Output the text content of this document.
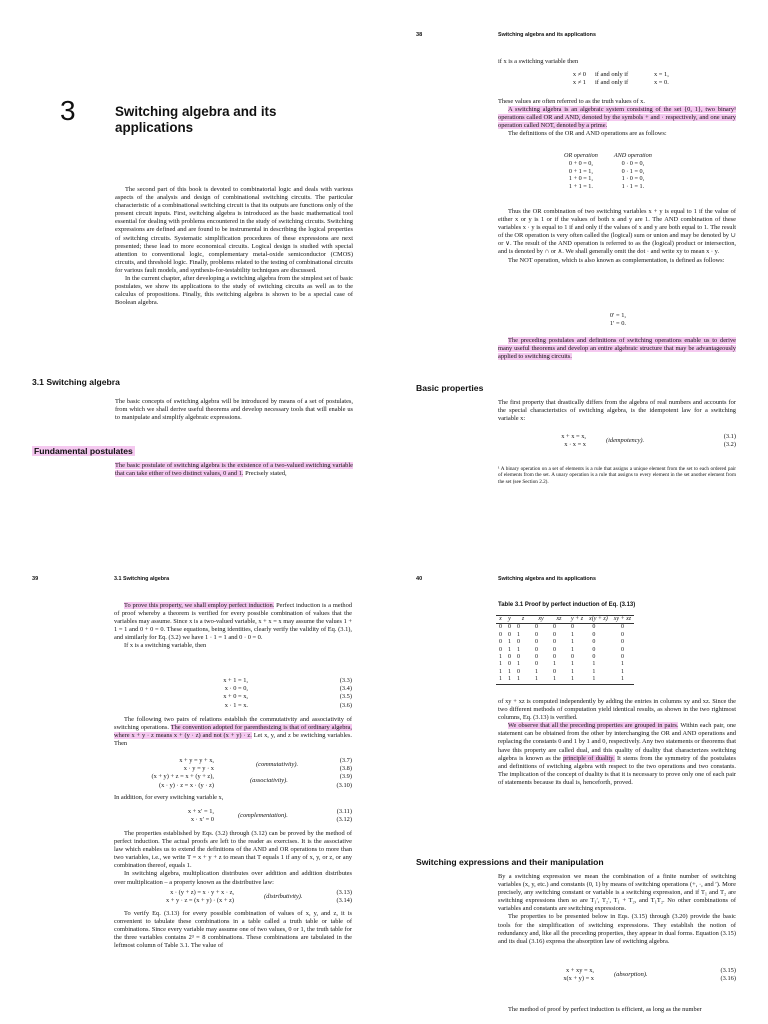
3	Switching algebra and its
applications

The second part of this book is devoted to combinatorial logic and deals with various aspects of the analysis and design of combinational switching circuits. The particular characteristic of a combinational switching circuit is that its outputs are functions only of the present circuit inputs. First, switching algebra is introduced as the basic mathematical tool essential for dealing with problems encountered in the study of switching circuits. Switching expressions are defined and are found to be instrumental in describing the logical properties of switching circuits. Systematic simplification procedures of these expressions are next presented; these lead to more economical circuits. Logical design is studied with special attention to conventional logic, complementary metal-oxide semiconductor (CMOS) circuits, and threshold logic. Finally, problems related to the testing of combinational circuits for various fault models, and synthesis-for-testability techniques are discussed.

In the current chapter, after developing a switching algebra from the simplest set of basic postulates, we show its applications to the study of switching circuits as well as to the calculus of propositions. Finally, this switching algebra is shown to be a special case of Boolean algebra.

3.1 Switching algebra

The basic concepts of switching algebra will be introduced by means of a set of postulates, from which we shall derive useful theorems and develop necessary tools that will enable us to manipulate and simplify algebraic expressions.

Fundamental postulates

The basic postulate of switching algebra is the existence of a two-valued switching variable that can take either of two distinct values, 0 and 1. Precisely stated,

38	Switching algebra and its applications

if x is a switching variable then

x ≠ 0 if and only if	x = 1,
x ≠ 1 if and only if	x = 0.

These values are often referred to as the truth values of x.

A switching algebra is an algebraic system consisting of the set {0, 1}, two binary¹ operations called OR and AND, denoted by the symbols + and · respectively, and one unary operation called NOT, denoted by a prime.

The definitions of the OR and AND operations are as follows:

OR operation	AND operation
0 + 0 = 0,	0 · 0 = 0,
0 + 1 = 1,	0 · 1 = 0,
1 + 0 = 1,	1 · 0 = 0,
1 + 1 = 1.	1 · 1 = 1.

Thus the OR combination of two switching variables x + y is equal to 1 if the value of either x or y is 1 or if the values of both x and y are 1. The AND combination of these variables x · y is equal to 1 if and only if the values of x and y are both equal to 1. The result of the OR operation is very often called the (logical) sum or union and may be denoted by ∪ or ∨. The result of the AND operation is referred to as the (logical) product or intersection, and is denoted by ∩ or ∧. We shall generally omit the dot · and write xy to mean x · y.

The NOT operation, which is also known as complementation, is defined as follows:

0′ = 1,
1′ = 0.

The preceding postulates and definitions of switching operations enable us to derive many useful theorems and develop an entire algebraic structure that may be advantageously applied to switching circuits.

Basic properties

The first property that drastically differs from the algebra of real numbers and accounts for the special characteristics of switching algebra, is the idempotent law for a switching variable x:

x + x = x,	(3.1)
x · x = x	(3.2)
(idempotency).
¹ A binary operation on a set of elements is a rule that assigns a unique element from the set to each ordered pair of elements from the set. A unary operation is a rule that assigns to every element in the set another element from the set (see Section 2.2).
39	3.1 Switching algebra

To prove this property, we shall employ perfect induction. Perfect induction is a method of proof whereby a theorem is verified for every possible combination of values that the variables may assume. Since x is a two-valued variable, x + x = x may assume the values 1 + 1 = 1 and 0 + 0 = 0. These equations, being identities, clearly verify the validity of Eq. (3.1), and similarly for Eq. (3.2) we have 1 · 1 = 1 and 0 · 0 = 0.

If x is a switching variable, then

x + 1 = 1,	(3.3)
x · 0 = 0,	(3.4)
x + 0 = x,	(3.5)
x · 1 = x.	(3.6)

The following two pairs of relations establish the commutativity and associativity of switching operations. The convention adopted for parenthesizing is that of ordinary algebra, where x + y · z means x + (y · z) and not (x + y) · z. Let x, y, and z be switching variables. Then

x + y = y + x,	(3.7)
x · y = y · x	(3.8)
(x + y) + z = x + (y + z),	(3.9)
(x · y) · z = x · (y · z)	(3.10)
(commutativity).
(associativity).

In addition, for every switching variable x,

x + x′ = 1,	(3.11)
x · x′ = 0	(3.12)
(complementation).

The properties established by Eqs. (3.2) through (3.12) can be proved by the method of perfect induction. The actual proofs are left to the reader as exercises. It is the associative law which enables us to extend the definitions of the AND and OR operations to more than two variables, i.e., we write T = x + y + z to mean that T equals 1 if any of x, y, or z, or any combination thereof, equals 1.

In switching algebra, multiplication distributes over addition and addition distributes over multiplication – a property known as the distributive law:

x · (y + z) = x · y + x · z,	(3.13)
x + y · z = (x + y) · (x + z)	(3.14)
(distributivity).

To verify Eq. (3.13) for every possible combination of values of x, y, and z, it is convenient to tabulate these combinations in a table called a truth table or table of combinations. Since every variable may assume one of two values, 0 or 1, the truth table for the three variables contains 2³ = 8 combinations. These combinations are tabulated in the leftmost column of Table 3.1. The value of

40	Switching algebra and its applications
Table 3.1 Proof by perfect induction of Eq. (3.13)
x	y	z	xy	xz	y + z	x(y + z)	xy + xz
0	0	0	0	0	0	0	0
0	0	1	0	0	1	0	0
0	1	0	0	0	1	0	0
0	1	1	0	0	1	0	0
1	0	0	0	0	0	0	0
1	0	1	0	1	1	1	1
1	1	0	1	0	1	1	1
1	1	1	1	1	1	1	1

of xy + xz is computed independently by adding the entries in columns xy and xz. Since the two different methods of computation yield identical results, as shown in the two rightmost columns, Eq. (3.13) is verified.

We observe that all the preceding properties are grouped in pairs. Within each pair, one statement can be obtained from the other by interchanging the OR and AND operations and replacing the constants 0 and 1 by 1 and 0, respectively. Any two statements or theorems that have this property are called dual, and this quality of duality that characterizes switching algebra is known as the principle of duality. It stems from the symmetry of the postulates and definitions of switching algebra with respect to the two operations and two constants. The implication of the concept of duality is that it is necessary to prove only one of each pair of statements because its dual is, henceforth, proved.

Switching expressions and their manipulation

By a switching expression we mean the combination of a finite number of switching variables (x, y, etc.) and constants (0, 1) by means of switching operations (+, ·, and ′). More precisely, any switching constant or variable is a switching expression, and if T₁ and T₂ are switching expressions then so are T₁′, T₂′, T₁ + T₂, and T₁T₂. No other combinations of variables and constants are switching expressions.

The properties to be presented below in Eqs. (3.15) through (3.20) provide the basic tools for the simplification of switching expressions. They establish the notion of redundancy and, like all the preceding properties, they appear in dual forms. Equation (3.15) and its dual (3.16) express the absorption law of switching algebra.

x + xy = x,	(3.15)
x(x + y) = x	(3.16)
(absorption).

The method of proof by perfect induction is efficient, as long as the number
